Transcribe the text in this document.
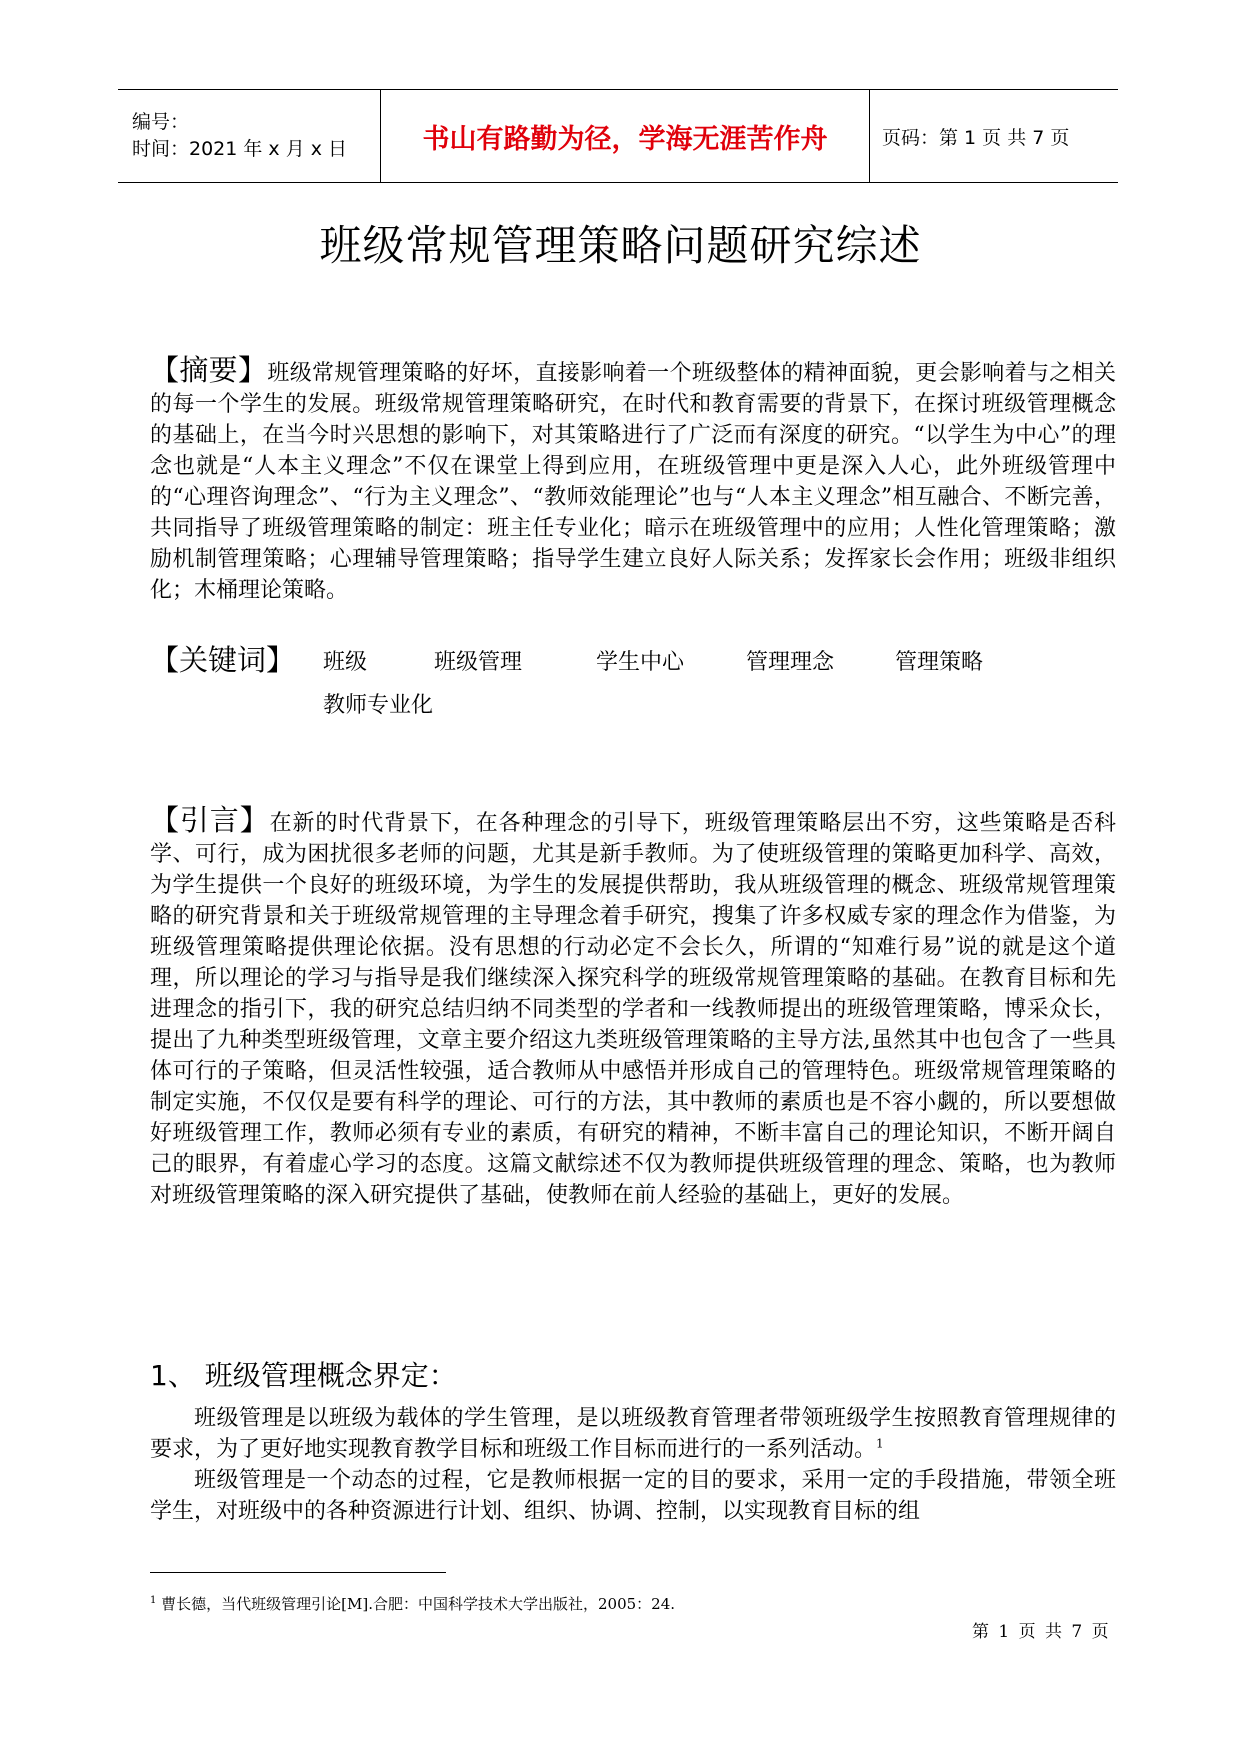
编号：
时间：2021 年 x 月 x 日	书山有路勤为径，学海无涯苦作舟	页码：第 1 页 共 7 页
班级常规管理策略问题研究综述
【摘要】班级常规管理策略的好坏，直接影响着一个班级整体的精神面貌，更会影响着与之相关的每一个学生的发展。班级常规管理策略研究，在时代和教育需要的背景下，在探讨班级管理概念的基础上，在当今时兴思想的影响下，对其策略进行了广泛而有深度的研究。“以学生为中心”的理念也就是“人本主义理念”不仅在课堂上得到应用，在班级管理中更是深入人心，此外班级管理中的“心理咨询理念”、“行为主义理念”、“教师效能理论”也与“人本主义理念”相互融合、不断完善，共同指导了班级管理策略的制定：班主任专业化；暗示在班级管理中的应用；人性化管理策略；激励机制管理策略；心理辅导管理策略；指导学生建立良好人际关系；发挥家长会作用；班级非组织化；木桶理论策略。
【关键词】 班级	班级管理	学生中心	管理理念	管理策略
教师专业化
【引言】在新的时代背景下，在各种理念的引导下，班级管理策略层出不穷，这些策略是否科学、可行，成为困扰很多老师的问题，尤其是新手教师。为了使班级管理的策略更加科学、高效，为学生提供一个良好的班级环境，为学生的发展提供帮助，我从班级管理的概念、班级常规管理策略的研究背景和关于班级常规管理的主导理念着手研究，搜集了许多权威专家的理念作为借鉴，为班级管理策略提供理论依据。没有思想的行动必定不会长久，所谓的“知难行易”说的就是这个道理，所以理论的学习与指导是我们继续深入探究科学的班级常规管理策略的基础。在教育目标和先进理念的指引下，我的研究总结归纳不同类型的学者和一线教师提出的班级管理策略，博采众长，提出了九种类型班级管理，文章主要介绍这九类班级管理策略的主导方法,虽然其中也包含了一些具体可行的子策略，但灵活性较强，适合教师从中感悟并形成自己的管理特色。班级常规管理策略的制定实施，不仅仅是要有科学的理论、可行的方法，其中教师的素质也是不容小觑的，所以要想做好班级管理工作，教师必须有专业的素质，有研究的精神，不断丰富自己的理论知识，不断开阔自己的眼界，有着虚心学习的态度。这篇文献综述不仅为教师提供班级管理的理念、策略，也为教师对班级管理策略的深入研究提供了基础，使教师在前人经验的基础上，更好的发展。
1、 班级管理概念界定：
班级管理是以班级为载体的学生管理，是以班级教育管理者带领班级学生按照教育管理规律的要求，为了更好地实现教育教学目标和班级工作目标而进行的一系列活动。$^1$
班级管理是一个动态的过程，它是教师根据一定的目的要求，采用一定的手段措施，带领全班学生，对班级中的各种资源进行计划、组织、协调、控制，以实现教育目标的组
$^1$ 曹长德，当代班级管理引论[M].合肥：中国科学技术大学出版社，2005：24.
第 1 页 共 7 页
